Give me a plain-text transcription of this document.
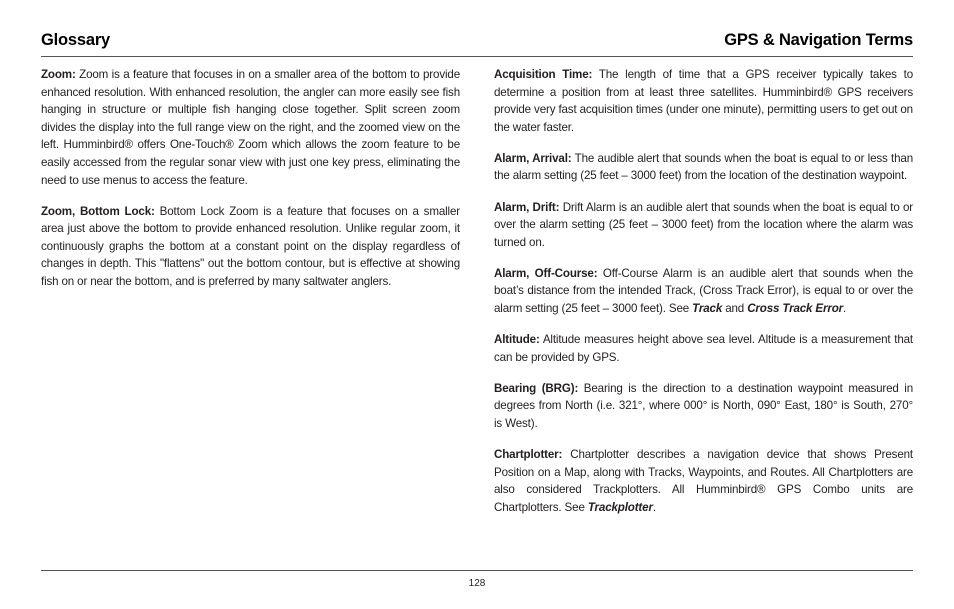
Glossary	GPS & Navigation Terms

Zoom: Zoom is a feature that focuses in on a smaller area of the bottom to provide enhanced resolution. With enhanced resolution, the angler can more easily see fish hanging in structure or multiple fish hanging close together. Split screen zoom divides the display into the full range view on the right, and the zoomed view on the left. Humminbird® offers One-Touch® Zoom which allows the zoom feature to be easily accessed from the regular sonar view with just one key press, eliminating the need to use menus to access the feature.

Zoom, Bottom Lock: Bottom Lock Zoom is a feature that focuses on a smaller area just above the bottom to provide enhanced resolution. Unlike regular zoom, it continuously graphs the bottom at a constant point on the display regardless of changes in depth. This "flattens" out the bottom contour, but is effective at showing fish on or near the bottom, and is preferred by many saltwater anglers.

Acquisition Time: The length of time that a GPS receiver typically takes to determine a position from at least three satellites. Humminbird® GPS receivers provide very fast acquisition times (under one minute), permitting users to get out on the water faster.

Alarm, Arrival: The audible alert that sounds when the boat is equal to or less than the alarm setting (25 feet – 3000 feet) from the location of the destination waypoint.

Alarm, Drift: Drift Alarm is an audible alert that sounds when the boat is equal to or over the alarm setting (25 feet – 3000 feet) from the location where the alarm was turned on.

Alarm, Off-Course: Off-Course Alarm is an audible alert that sounds when the boat’s distance from the intended Track, (Cross Track Error), is equal to or over the alarm setting (25 feet – 3000 feet). See Track and Cross Track Error.

Altitude: Altitude measures height above sea level. Altitude is a measurement that can be provided by GPS.

Bearing (BRG): Bearing is the direction to a destination waypoint measured in degrees from North (i.e. 321°, where 000° is North, 090° East, 180° is South, 270° is West).

Chartplotter: Chartplotter describes a navigation device that shows Present Position on a Map, along with Tracks, Waypoints, and Routes. All Chartplotters are also considered Trackplotters. All Humminbird® GPS Combo units are Chartplotters. See Trackplotter.

128
